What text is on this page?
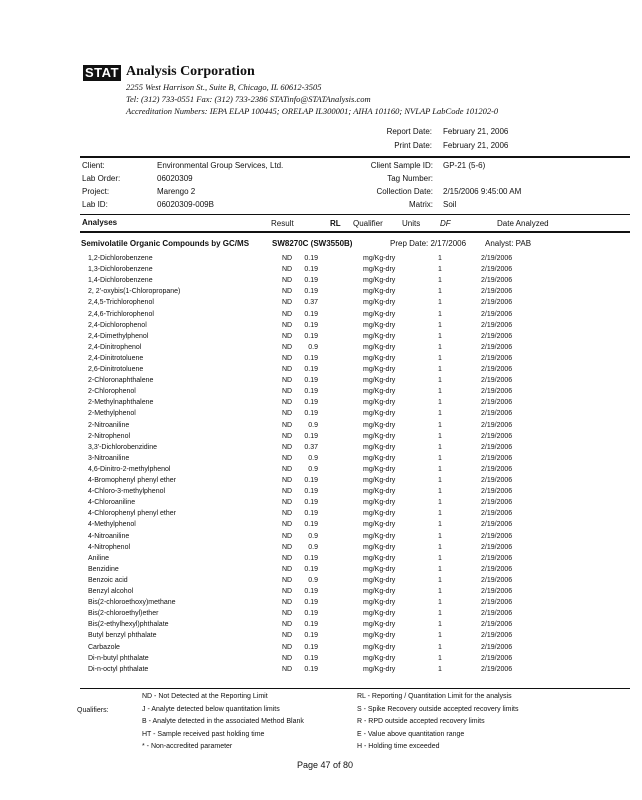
STAT Analysis Corporation
2255 West Harrison St., Suite B, Chicago, IL 60612-3505
Tel: (312) 733-0551 Fax: (312) 733-2386 STATinfo@STATAnalysis.com
Accreditation Numbers: IEPA ELAP 100445; ORELAP IL300001; AIHA 101160; NVLAP LabCode 101202-0
Report Date: February 21, 2006
Print Date: February 21, 2006
Client:	Environmental Group Services, Ltd.
Lab Order:	06020309
Project:	Marengo 2
Lab ID:	06020309-009B
Client Sample ID: GP-21 (5-6)
Tag Number:
Collection Date: 2/15/2006 9:45:00 AM
Matrix: Soil
Analyses	Result	RL Qualifier Units DF	Date Analyzed
Semivolatile Organic Compounds by GC/MS	SW8270C (SW3550B)	Prep Date: 2/17/2006 Analyst: PAB
1,2-Dichlorobenzene	ND	0.19	mg/Kg-dry	1	2/19/2006
1,3-Dichlorobenzene	ND	0.19	mg/Kg-dry	1	2/19/2006
1,4-Dichlorobenzene	ND	0.19	mg/Kg-dry	1	2/19/2006
2, 2'-oxybis(1-Chloropropane)	ND	0.19	mg/Kg-dry	1	2/19/2006
2,4,5-Trichlorophenol	ND	0.37	mg/Kg-dry	1	2/19/2006
2,4,6-Trichlorophenol	ND	0.19	mg/Kg-dry	1	2/19/2006
2,4-Dichlorophenol	ND	0.19	mg/Kg-dry	1	2/19/2006
2,4-Dimethylphenol	ND	0.19	mg/Kg-dry	1	2/19/2006
2,4-Dinitrophenol	ND	0.9	mg/Kg-dry	1	2/19/2006
2,4-Dinitrotoluene	ND	0.19	mg/Kg-dry	1	2/19/2006
2,6-Dinitrotoluene	ND	0.19	mg/Kg-dry	1	2/19/2006
2-Chloronaphthalene	ND	0.19	mg/Kg-dry	1	2/19/2006
2-Chlorophenol	ND	0.19	mg/Kg-dry	1	2/19/2006
2-Methylnaphthalene	ND	0.19	mg/Kg-dry	1	2/19/2006
2-Methylphenol	ND	0.19	mg/Kg-dry	1	2/19/2006
2-Nitroaniline	ND	0.9	mg/Kg-dry	1	2/19/2006
2-Nitrophenol	ND	0.19	mg/Kg-dry	1	2/19/2006
3,3'-Dichlorobenzidine	ND	0.37	mg/Kg-dry	1	2/19/2006
3-Nitroaniline	ND	0.9	mg/Kg-dry	1	2/19/2006
4,6-Dinitro-2-methylphenol	ND	0.9	mg/Kg-dry	1	2/19/2006
4-Bromophenyl phenyl ether	ND	0.19	mg/Kg-dry	1	2/19/2006
4-Chloro-3-methylphenol	ND	0.19	mg/Kg-dry	1	2/19/2006
4-Chloroaniline	ND	0.19	mg/Kg-dry	1	2/19/2006
4-Chlorophenyl phenyl ether	ND	0.19	mg/Kg-dry	1	2/19/2006
4-Methylphenol	ND	0.19	mg/Kg-dry	1	2/19/2006
4-Nitroaniline	ND	0.9	mg/Kg-dry	1	2/19/2006
4-Nitrophenol	ND	0.9	mg/Kg-dry	1	2/19/2006
Aniline	ND	0.19	mg/Kg-dry	1	2/19/2006
Benzidine	ND	0.19	mg/Kg-dry	1	2/19/2006
Benzoic acid	ND	0.9	mg/Kg-dry	1	2/19/2006
Benzyl alcohol	ND	0.19	mg/Kg-dry	1	2/19/2006
Bis(2-chloroethoxy)methane	ND	0.19	mg/Kg-dry	1	2/19/2006
Bis(2-chloroethyl)ether	ND	0.19	mg/Kg-dry	1	2/19/2006
Bis(2-ethylhexyl)phthalate	ND	0.19	mg/Kg-dry	1	2/19/2006
Butyl benzyl phthalate	ND	0.19	mg/Kg-dry	1	2/19/2006
Carbazole	ND	0.19	mg/Kg-dry	1	2/19/2006
Di-n-butyl phthalate	ND	0.19	mg/Kg-dry	1	2/19/2006
Di-n-octyl phthalate	ND	0.19	mg/Kg-dry	1	2/19/2006
Qualifiers:
ND - Not Detected at the Reporting Limit
J - Analyte detected below quantitation limits
B - Analyte detected in the associated Method Blank
HT - Sample received past holding time
* - Non-accredited parameter
RL - Reporting / Quantitation Limit for the analysis
S - Spike Recovery outside accepted recovery limits
R - RPD outside accepted recovery limits
E - Value above quantitation range
H - Holding time exceeded
Page 47 of 80
